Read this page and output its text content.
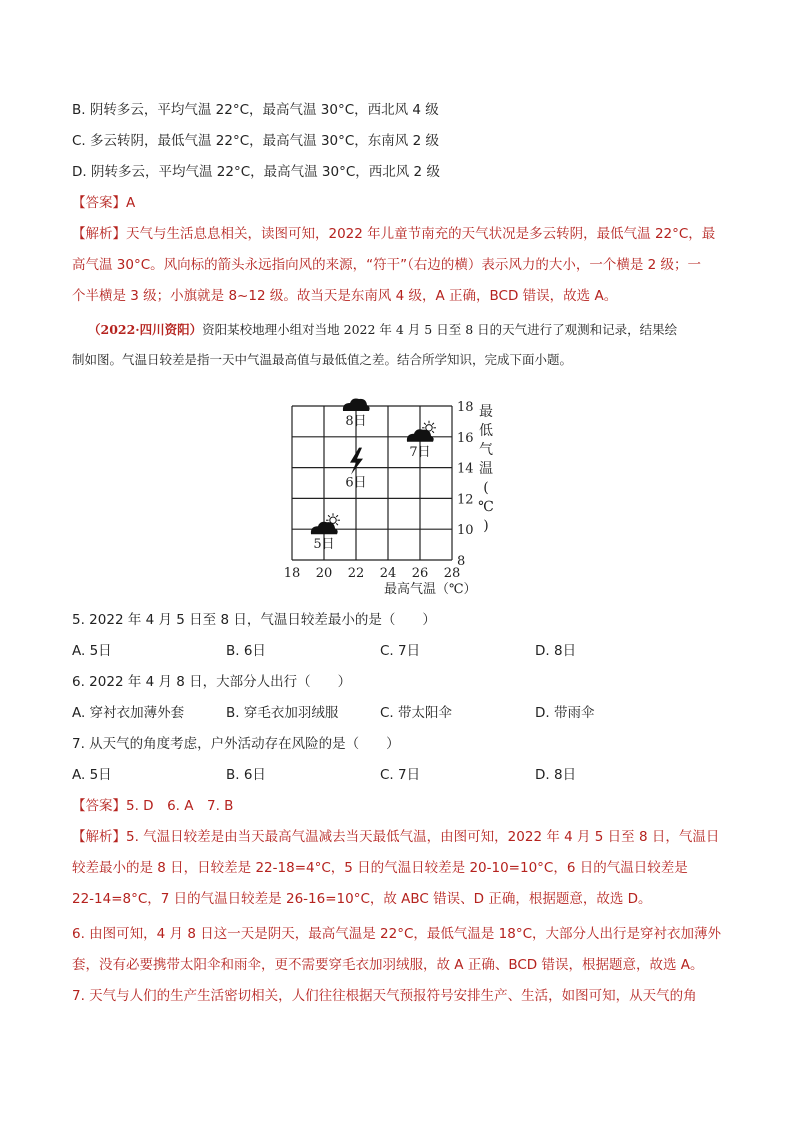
B. 阴转多云，平均气温 22°C，最高气温 30°C，西北风 4 级
C. 多云转阴，最低气温 22°C，最高气温 30°C，东南风 2 级
D. 阴转多云，平均气温 22°C，最高气温 30°C，西北风 2 级
【答案】A
【解析】天气与生活息息相关，读图可知，2022 年儿童节南充的天气状况是多云转阴，最低气温 22°C，最
高气温 30°C。风向标的箭头永远指向风的来源，“符干”（右边的横）表示风力的大小，一个横是 2 级；一
个半横是 3 级；小旗就是 8~12 级。故当天是东南风 4 级，A 正确，BCD 错误，故选 A。
（2022·四川资阳）资阳某校地理小组对当地 2022 年 4 月 5 日至 8 日的天气进行了观测和记录，结果绘
制如图。气温日较差是指一天中气温最高值与最低值之差。结合所学知识，完成下面小题。
18 20 22 24 26 28
18
16
14
12
10
8
5日
6日
7日
8日
最高气温（℃）
最
低
气
温
(
℃
)
5. 2022 年 4 月 5 日至 8 日，气温日较差最小的是（　　）
A. 5日	B. 6日	C. 7日	D. 8日
6. 2022 年 4 月 8 日，大部分人出行（　　）
A. 穿衬衣加薄外套	B. 穿毛衣加羽绒服	C. 带太阳伞	D. 带雨伞
7. 从天气的角度考虑，户外活动存在风险的是（　　）
A. 5日	B. 6日	C. 7日	D. 8日
【答案】5. D　6. A　7. B
【解析】5. 气温日较差是由当天最高气温减去当天最低气温，由图可知，2022 年 4 月 5 日至 8 日，气温日
较差最小的是 8 日，日较差是 22-18=4°C，5 日的气温日较差是 20-10=10°C，6 日的气温日较差是
22-14=8°C，7 日的气温日较差是 26-16=10°C，故 ABC 错误、D 正确，根据题意，故选 D。
6. 由图可知，4 月 8 日这一天是阴天，最高气温是 22°C，最低气温是 18°C，大部分人出行是穿衬衣加薄外
套，没有必要携带太阳伞和雨伞，更不需要穿毛衣加羽绒服，故 A 正确、BCD 错误，根据题意，故选 A。
7. 天气与人们的生产生活密切相关，人们往往根据天气预报符号安排生产、生活，如图可知，从天气的角
